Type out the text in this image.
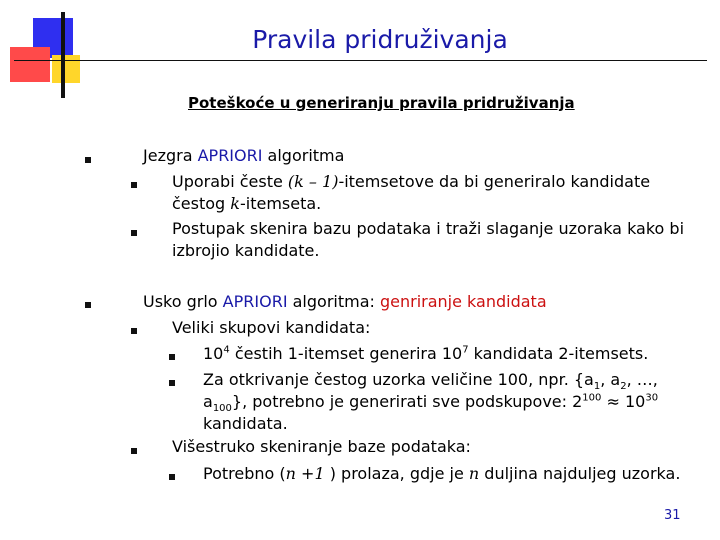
Pravila pridruživanja
Poteškoće u generiranju pravila pridruživanja
Jezgra APRIORI algoritma
Uporabi česte (k – 1)-itemsetove da bi generiralo kandidate
čestog k-itemseta.
Postupak skenira bazu podataka i traži slaganje uzoraka kako bi
izbrojio kandidate.
Usko grlo APRIORI algoritma: genriranje kandidata
Veliki skupovi kandidata:
$10^4$ čestih 1-itemset generira $10^7$ kandidata 2-itemsets.
Za otkrivanje čestog uzorka veličine 100, npr. {$a_1$, $a_2$, …,
$a_{100}$}, potrebno je generirati sve podskupove: $2^{100} \approx 10^{30}$
kandidata.
Višestruko skeniranje baze podataka:
Potrebno (n +1 ) prolaza, gdje je n duljina najduljeg uzorka.
31
